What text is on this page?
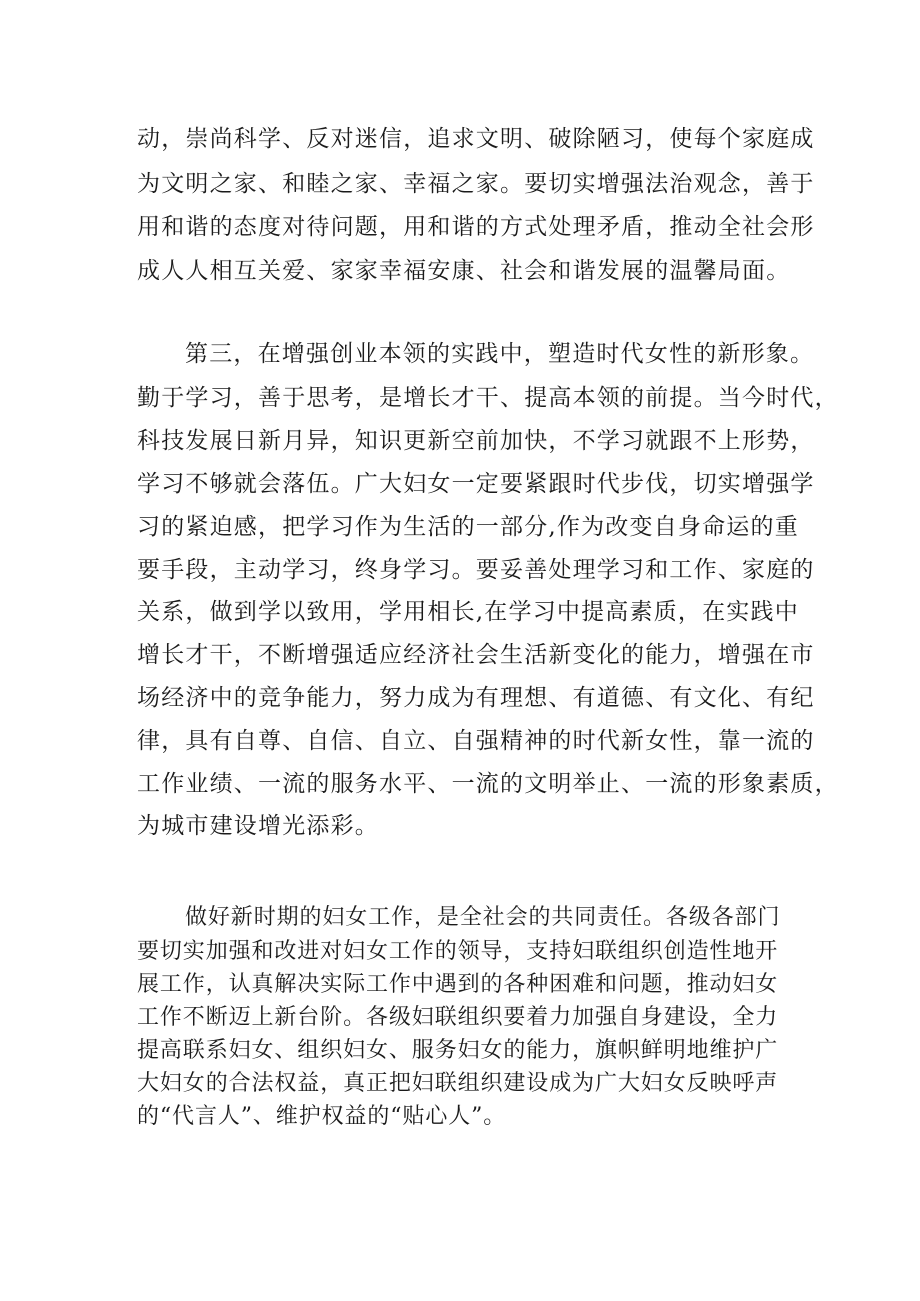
动，崇尚科学、反对迷信，追求文明、破除陋习，使每个家庭成
为文明之家、和睦之家、幸福之家。要切实增强法治观念，善于
用和谐的态度对待问题，用和谐的方式处理矛盾，推动全社会形
成人人相互关爱、家家幸福安康、社会和谐发展的温馨局面。
第三，在增强创业本领的实践中，塑造时代女性的新形象。
勤于学习，善于思考，是增长才干、提高本领的前提。当今时代，
科技发展日新月异，知识更新空前加快，不学习就跟不上形势，
学习不够就会落伍。广大妇女一定要紧跟时代步伐，切实增强学
习的紧迫感，把学习作为生活的一部分,作为改变自身命运的重
要手段，主动学习，终身学习。要妥善处理学习和工作、家庭的
关系，做到学以致用，学用相长,在学习中提高素质，在实践中
增长才干，不断增强适应经济社会生活新变化的能力，增强在市
场经济中的竞争能力，努力成为有理想、有道德、有文化、有纪
律，具有自尊、自信、自立、自强精神的时代新女性，靠一流的
工作业绩、一流的服务水平、一流的文明举止、一流的形象素质，
为城市建设增光添彩。
做好新时期的妇女工作，是全社会的共同责任。各级各部门
要切实加强和改进对妇女工作的领导，支持妇联组织创造性地开
展工作，认真解决实际工作中遇到的各种困难和问题，推动妇女
工作不断迈上新台阶。各级妇联组织要着力加强自身建设，全力
提高联系妇女、组织妇女、服务妇女的能力，旗帜鲜明地维护广
大妇女的合法权益，真正把妇联组织建设成为广大妇女反映呼声
的“代言人”、维护权益的“贴心人”。
